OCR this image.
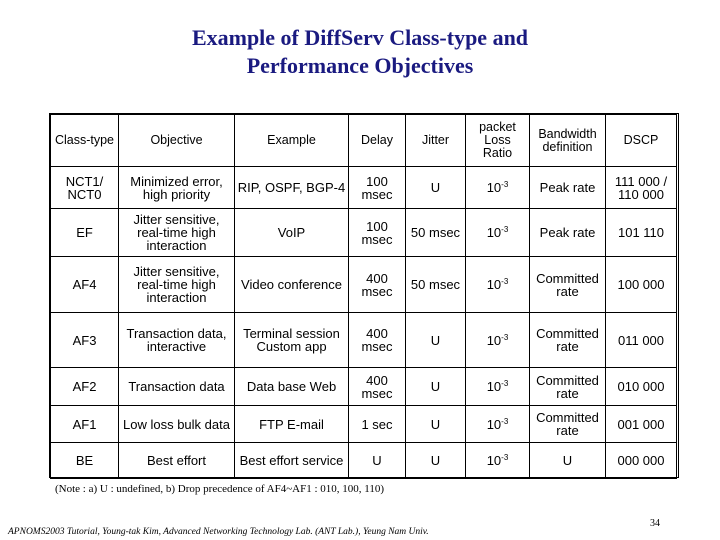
Example of DiffServ Class-type and
Performance Objectives
Class-type	Objective	Example	Delay	Jitter	packet Loss Ratio	Bandwidth definition	DSCP
NCT1/ NCT0	Minimized error, high priority	RIP, OSPF, BGP-4	100 msec	U	$10^{-3}$	Peak rate	111 000 / 110 000
EF	Jitter sensitive, real-time high interaction	VoIP	100 msec	50 msec	$10^{-3}$	Peak rate	101 110
AF4	Jitter sensitive, real-time high interaction	Video conference	400 msec	50 msec	$10^{-3}$	Committed rate	100 000
AF3	Transaction data, interactive	Terminal session Custom app	400 msec	U	$10^{-3}$	Committed rate	011 000
AF2	Transaction data	Data base Web	400 msec	U	$10^{-3}$	Committed rate	010 000
AF1	Low loss bulk data	FTP E-mail	1 sec	U	$10^{-3}$	Committed rate	001 000
BE	Best effort	Best effort service	U	U	$10^{-3}$	U	000 000
(Note : a) U : undefined, b) Drop precedence of AF4~AF1 : 010, 100, 110)
APNOMS2003 Tutorial, Young-tak Kim, Advanced Networking Technology Lab. (ANT Lab.), Yeung Nam Univ.
34
